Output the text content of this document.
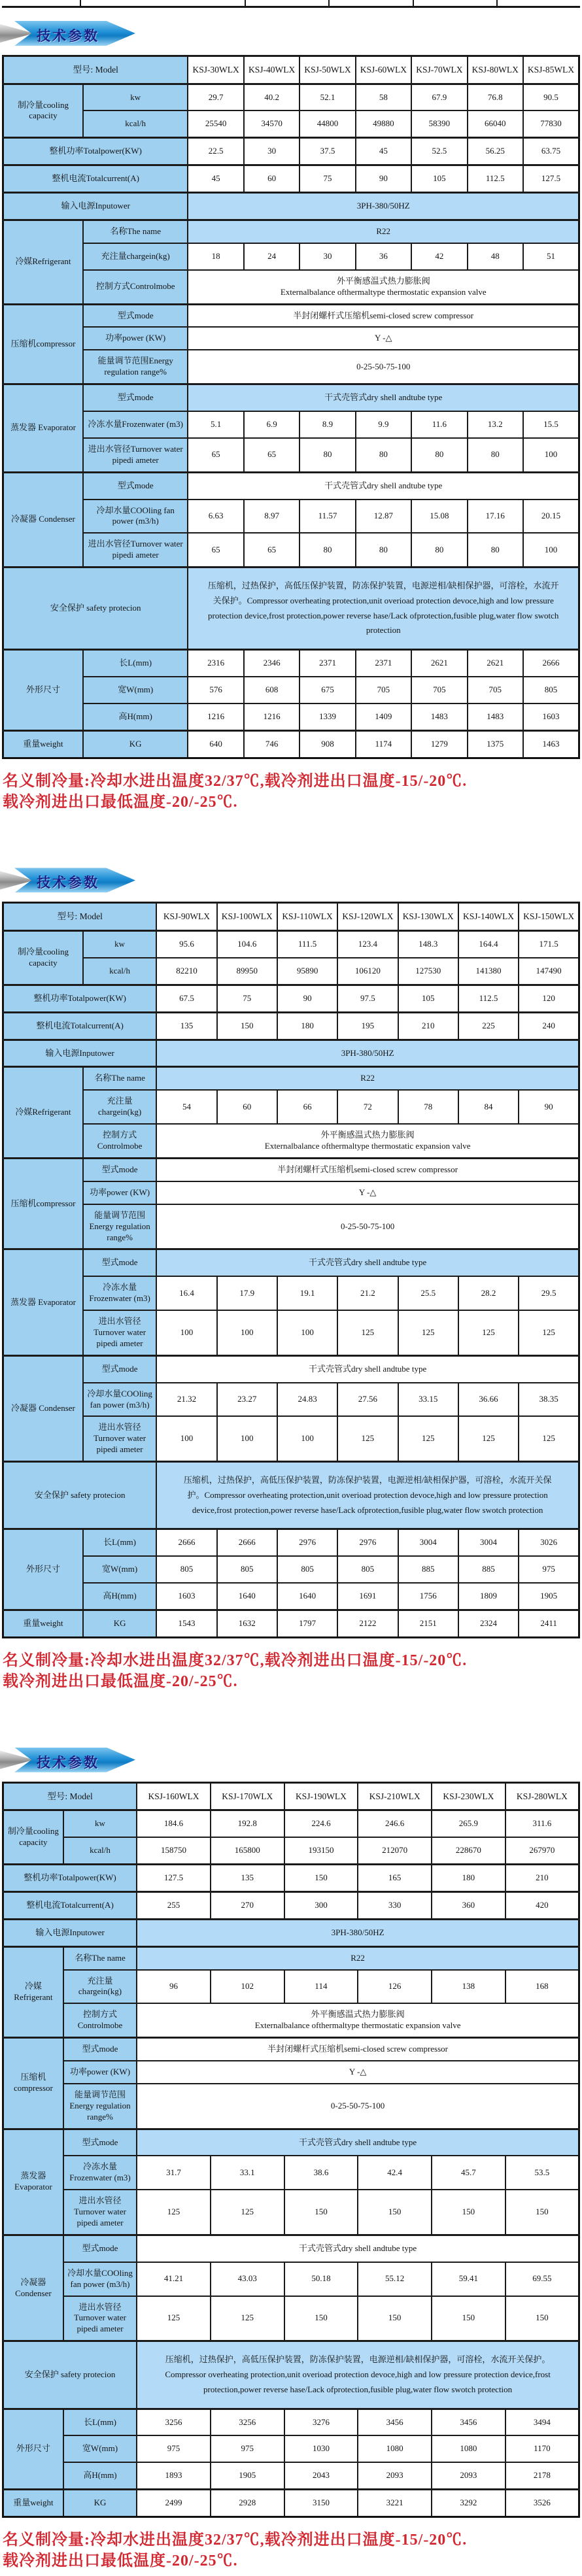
技术参数
型号: Model		KSJ-30WLX	KSJ-40WLX	KSJ-50WLX	KSJ-60WLX	KSJ-70WLX	KSJ-80WLX	KSJ-85WLX
制冷量cooling capacity	kw	29.7	40.2	52.1	58	67.9	76.8	90.5
	kcal/h	25540	34570	44800	49880	58390	66040	77830
整机功率Totalpower(KW)		22.5	30	37.5	45	52.5	56.25	63.75
整机电流Totalcurrent(A)		45	60	75	90	105	112.5	127.5
输入电源Inputower		3PH-380/50HZ						
冷媒Refrigerant	名称The name	R22						
	充注量chargein(kg)	18	24	30	36	42	48	51
	控制方式Controlmobe	外平衡感温式热力膨胀阀
Externalbalance ofthermaltype thermostatic expansion valve						
压缩机compressor	型式mode	半封闭螺杆式压缩机semi-closed screw compressor						
	功率power (KW)	Y -△						
	能量调节范围Energy regulation range%	0-25-50-75-100						
蒸发器 Evaporator	型式mode	干式壳管式dry shell andtube type						
	冷冻水量Frozenwater (m3)	5.1	6.9	8.9	9.9	11.6	13.2	15.5
	进出水管径Turnover water pipedi ameter	65	65	80	80	80	80	100
冷凝器 Condenser	型式mode	干式壳管式dry shell andtube type						
	冷却水量COOling fan power (m3/h)	6.63	8.97	11.57	12.87	15.08	17.16	20.15
	进出水管径Turnover water pipedi ameter	65	65	80	80	80	80	100
安全保护 safety protecion		压缩机，过热保护，高低压保护装置，防冻保护装置，电源逆相/缺相保护器，可溶栓，水流开关保护。Compressor overheating protection,unit overioad protection devoce,high and low pressure protection device,frost protection,power reverse hase/Lack ofprotection,fusible plug,water flow swotch protection						
外形尺寸	长L(mm)	2316	2346	2371	2371	2621	2621	2666
	宽W(mm)	576	608	675	705	705	705	805
	高H(mm)	1216	1216	1339	1409	1483	1483	1603
重量weight	KG	640	746	908	1174	1279	1375	1463

名义制冷量:冷却水进出温度32/37℃,载冷剂进出口温度-15/-20℃.
载冷剂进出口最低温度-20/-25℃.

技术参数
型号: Model		KSJ-90WLX	KSJ-100WLX	KSJ-110WLX	KSJ-120WLX	KSJ-130WLX	KSJ-140WLX	KSJ-150WLX
制冷量cooling capacity	kw	95.6	104.6	111.5	123.4	148.3	164.4	171.5
	kcal/h	82210	89950	95890	106120	127530	141380	147490
整机功率Totalpower(KW)		67.5	75	90	97.5	105	112.5	120
整机电流Totalcurrent(A)		135	150	180	195	210	225	240
输入电源Inputower		3PH-380/50HZ						
冷媒Refrigerant	名称The name	R22						
	充注量chargein(kg)	54	60	66	72	78	84	90
	控制方式Controlmobe	外平衡感温式热力膨胀阀
Externalbalance ofthermaltype thermostatic expansion valve						
压缩机compressor	型式mode	半封闭螺杆式压缩机semi-closed screw compressor						
	功率power (KW)	Y -△						
	能量调节范围Energy regulation range%	0-25-50-75-100						
蒸发器 Evaporator	型式mode	干式壳管式dry shell andtube type						
	冷冻水量Frozenwater (m3)	16.4	17.9	19.1	21.2	25.5	28.2	29.5
	进出水管径Turnover water pipedi ameter	100	100	100	125	125	125	125
冷凝器 Condenser	型式mode	干式壳管式dry shell andtube type						
	冷却水量COOling fan power (m3/h)	21.32	23.27	24.83	27.56	33.15	36.66	38.35
	进出水管径Turnover water pipedi ameter	100	100	100	125	125	125	125
安全保护 safety protecion		压缩机，过热保护，高低压保护装置，防冻保护装置，电源逆相/缺相保护器，可溶栓，水流开关保护。Compressor overheating protection,unit overioad protection devoce,high and low pressure protection device,frost protection,power reverse hase/Lack ofprotection,fusible plug,water flow swotch protection						
外形尺寸	长L(mm)	2666	2666	2976	2976	3004	3004	3026
	宽W(mm)	805	805	805	805	885	885	975
	高H(mm)	1603	1640	1640	1691	1756	1809	1905
重量weight	KG	1543	1632	1797	2122	2151	2324	2411

名义制冷量:冷却水进出温度32/37℃,载冷剂进出口温度-15/-20℃.
载冷剂进出口最低温度-20/-25℃.

技术参数
型号: Model		KSJ-160WLX	KSJ-170WLX	KSJ-190WLX	KSJ-210WLX	KSJ-230WLX	KSJ-280WLX
制冷量cooling capacity	kw	184.6	192.8	224.6	246.6	265.9	311.6
	kcal/h	158750	165800	193150	212070	228670	267970
整机功率Totalpower(KW)		127.5	135	150	165	180	210
整机电流Totalcurrent(A)		255	270	300	330	360	420
输入电源Inputower		3PH-380/50HZ					
冷媒Refrigerant	名称The name	R22					
	充注量chargein(kg)	96	102	114	126	138	168
	控制方式Controlmobe	外平衡感温式热力膨胀阀
Externalbalance ofthermaltype thermostatic expansion valve					
压缩机compressor	型式mode	半封闭螺杆式压缩机semi-closed screw compressor					
	功率power (KW)	Y -△					
	能量调节范围Energy regulation range%	0-25-50-75-100					
蒸发器 Evaporator	型式mode	干式壳管式dry shell andtube type					
	冷冻水量Frozenwater (m3)	31.7	33.1	38.6	42.4	45.7	53.5
	进出水管径Turnover water pipedi ameter	125	125	150	150	150	150
冷凝器 Condenser	型式mode	干式壳管式dry shell andtube type					
	冷却水量COOling fan power (m3/h)	41.21	43.03	50.18	55.12	59.41	69.55
	进出水管径Turnover water pipedi ameter	125	125	150	150	150	150
安全保护 safety protecion		压缩机，过热保护，高低压保护装置，防冻保护装置，电源逆相/缺相保护器，可溶栓，水流开关保护。Compressor overheating protection,unit overioad protection devoce,high and low pressure protection device,frost protection,power reverse hase/Lack ofprotection,fusible plug,water flow swotch protection					
外形尺寸	长L(mm)	3256	3256	3276	3456	3456	3494
	宽W(mm)	975	975	1030	1080	1080	1170
	高H(mm)	1893	1905	2043	2093	2093	2178
重量weight	KG	2499	2928	3150	3221	3292	3526

名义制冷量:冷却水进出温度32/37℃,载冷剂进出口温度-15/-20℃.
载冷剂进出口最低温度-20/-25℃.
